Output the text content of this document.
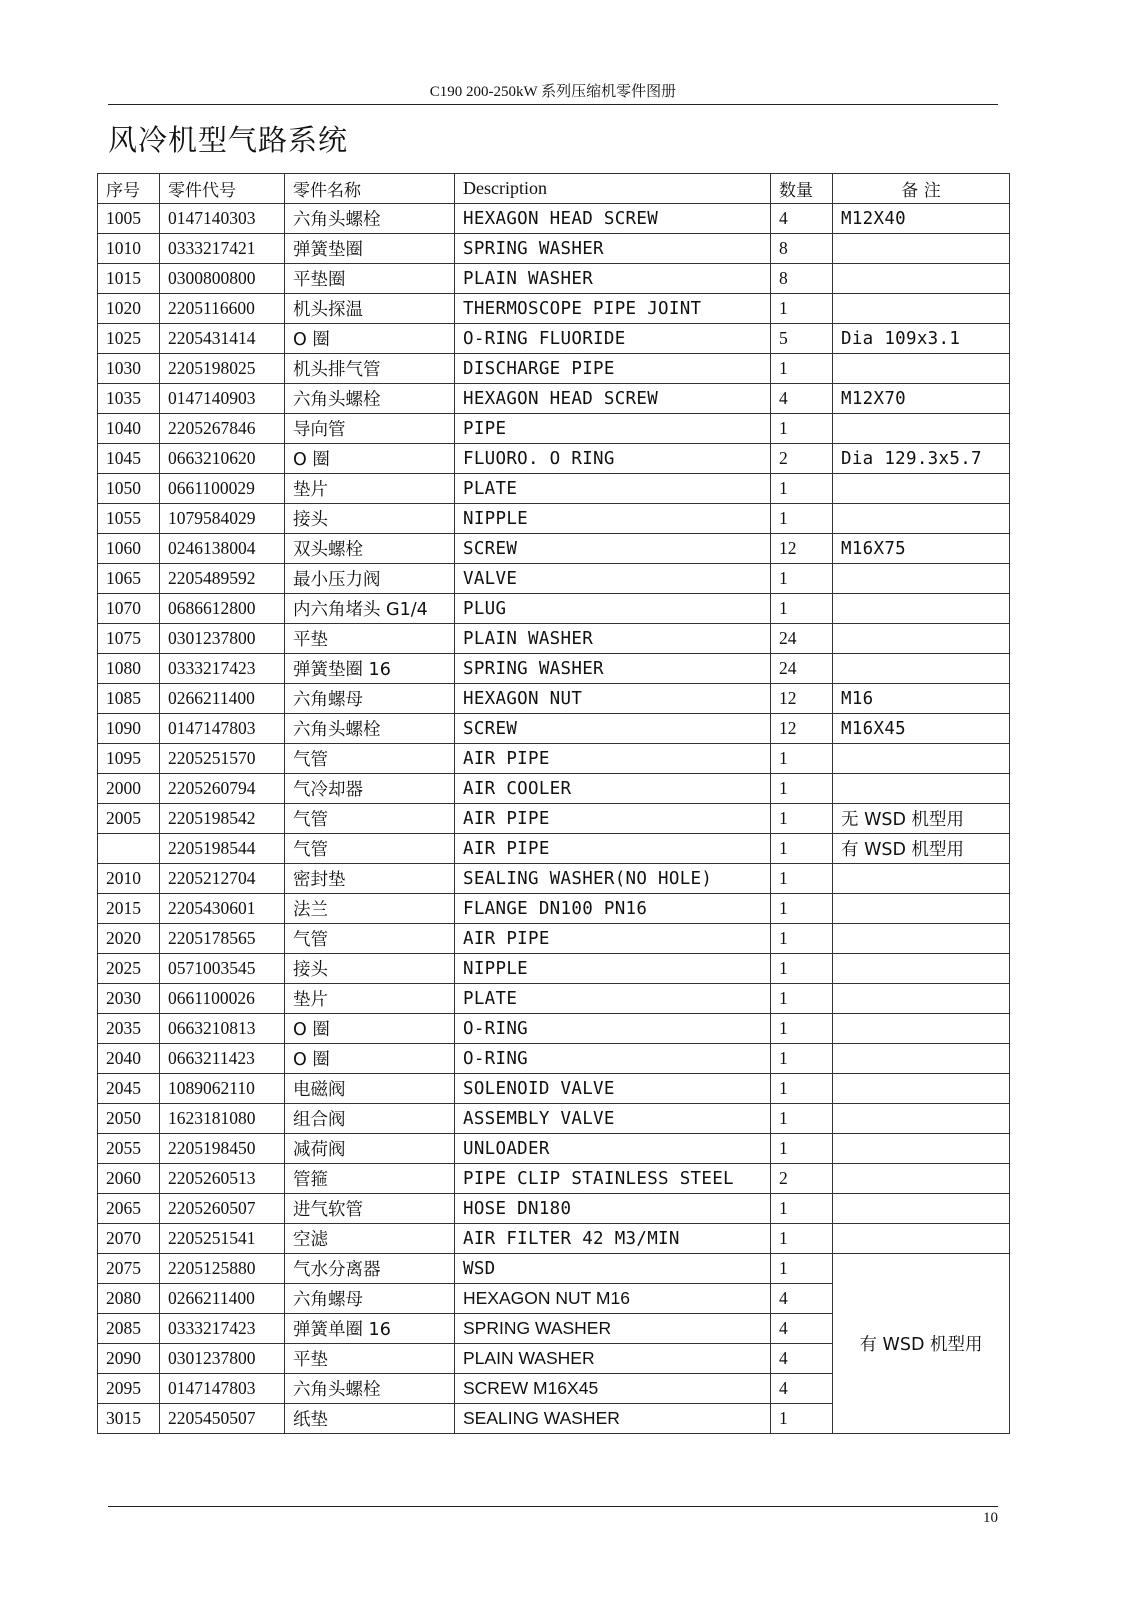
C190 200-250kW 系列压缩机零件图册
风冷机型气路系统
序号	零件代号	零件名称	Description	数量	备 注
1005	0147140303	六角头螺栓	HEXAGON HEAD SCREW	4	M12X40
1010	0333217421	弹簧垫圈	SPRING WASHER	8	
1015	0300800800	平垫圈	PLAIN WASHER	8	
1020	2205116600	机头探温	THERMOSCOPE PIPE JOINT	1	
1025	2205431414	O 圈	O-RING FLUORIDE	5	Dia 109x3.1
1030	2205198025	机头排气管	DISCHARGE PIPE	1	
1035	0147140903	六角头螺栓	HEXAGON HEAD SCREW	4	M12X70
1040	2205267846	导向管	PIPE	1	
1045	0663210620	O 圈	FLUORO. O RING	2	Dia 129.3x5.7
1050	0661100029	垫片	PLATE	1	
1055	1079584029	接头	NIPPLE	1	
1060	0246138004	双头螺栓	SCREW	12	M16X75
1065	2205489592	最小压力阀	VALVE	1	
1070	0686612800	内六角堵头 G1/4	PLUG	1	
1075	0301237800	平垫	PLAIN WASHER	24	
1080	0333217423	弹簧垫圈 16	SPRING WASHER	24	
1085	0266211400	六角螺母	HEXAGON NUT	12	M16
1090	0147147803	六角头螺栓	SCREW	12	M16X45
1095	2205251570	气管	AIR PIPE	1	
2000	2205260794	气冷却器	AIR COOLER	1	
2005	2205198542	气管	AIR PIPE	1	无 WSD 机型用
	2205198544	气管	AIR PIPE	1	有 WSD 机型用
2010	2205212704	密封垫	SEALING WASHER(NO HOLE)	1	
2015	2205430601	法兰	FLANGE DN100 PN16	1	
2020	2205178565	气管	AIR PIPE	1	
2025	0571003545	接头	NIPPLE	1	
2030	0661100026	垫片	PLATE	1	
2035	0663210813	O 圈	O-RING	1	
2040	0663211423	O 圈	O-RING	1	
2045	1089062110	电磁阀	SOLENOID VALVE	1	
2050	1623181080	组合阀	ASSEMBLY VALVE	1	
2055	2205198450	减荷阀	UNLOADER	1	
2060	2205260513	管箍	PIPE CLIP STAINLESS STEEL	2	
2065	2205260507	进气软管	HOSE DN180	1	
2070	2205251541	空滤	AIR FILTER 42 M3/MIN	1	
2075	2205125880	气水分离器	WSD	1	有 WSD 机型用
2080	0266211400	六角螺母	HEXAGON NUT M16	4	
2085	0333217423	弹簧单圈 16	SPRING WASHER	4	
2090	0301237800	平垫	PLAIN WASHER	4	
2095	0147147803	六角头螺栓	SCREW M16X45	4	
3015	2205450507	纸垫	SEALING WASHER	1	
10
